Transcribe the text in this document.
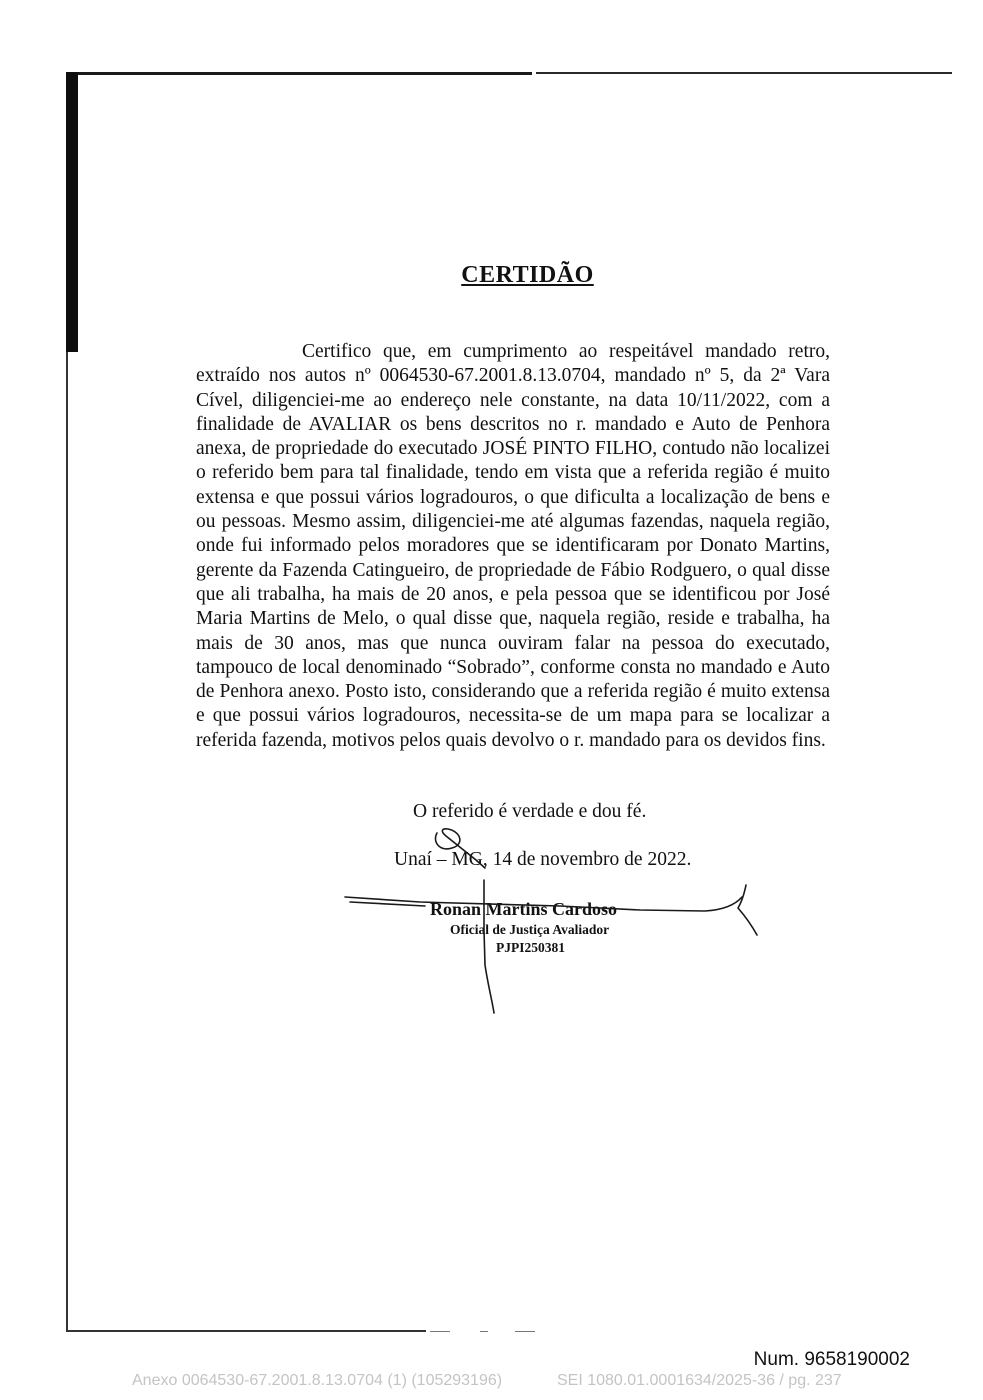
CERTIDÃO

Certifico que, em cumprimento ao respeitável mandado retro, extraído nos autos nº 0064530-67.2001.8.13.0704, mandado nº 5, da 2ª Vara Cível, diligenciei-me ao endereço nele constante, na data 10/11/2022, com a finalidade de AVALIAR os bens descritos no r. mandado e Auto de Penhora anexa, de propriedade do executado JOSÉ PINTO FILHO, contudo não localizei o referido bem para tal finalidade, tendo em vista que a referida região é muito extensa e que possui vários logradouros, o que dificulta a localização de bens e ou pessoas. Mesmo assim, diligenciei-me até algumas fazendas, naquela região, onde fui informado pelos moradores que se identificaram por Donato Martins, gerente da Fazenda Catingueiro, de propriedade de Fábio Rodguero, o qual disse que ali trabalha, ha mais de 20 anos, e pela pessoa que se identificou por José Maria Martins de Melo, o qual disse que, naquela região, reside e trabalha, ha mais de 30 anos, mas que nunca ouviram falar na pessoa do executado, tampouco de local denominado “Sobrado”, conforme consta no mandado e Auto de Penhora anexo. Posto isto, considerando que a referida região é muito extensa e que possui vários logradouros, necessita-se de um mapa para se localizar a referida fazenda, motivos pelos quais devolvo o r. mandado para os devidos fins.

O referido é verdade e dou fé.

Unaí – MG, 14 de novembro de 2022.

Ronan Martins Cardoso

Oficial de Justiça Avaliador

PJPI250381

Num. 9658190002

Anexo 0064530-67.2001.8.13.0704 (1) (105293196)	SEI 1080.01.0001634/2025-36 / pg. 237
